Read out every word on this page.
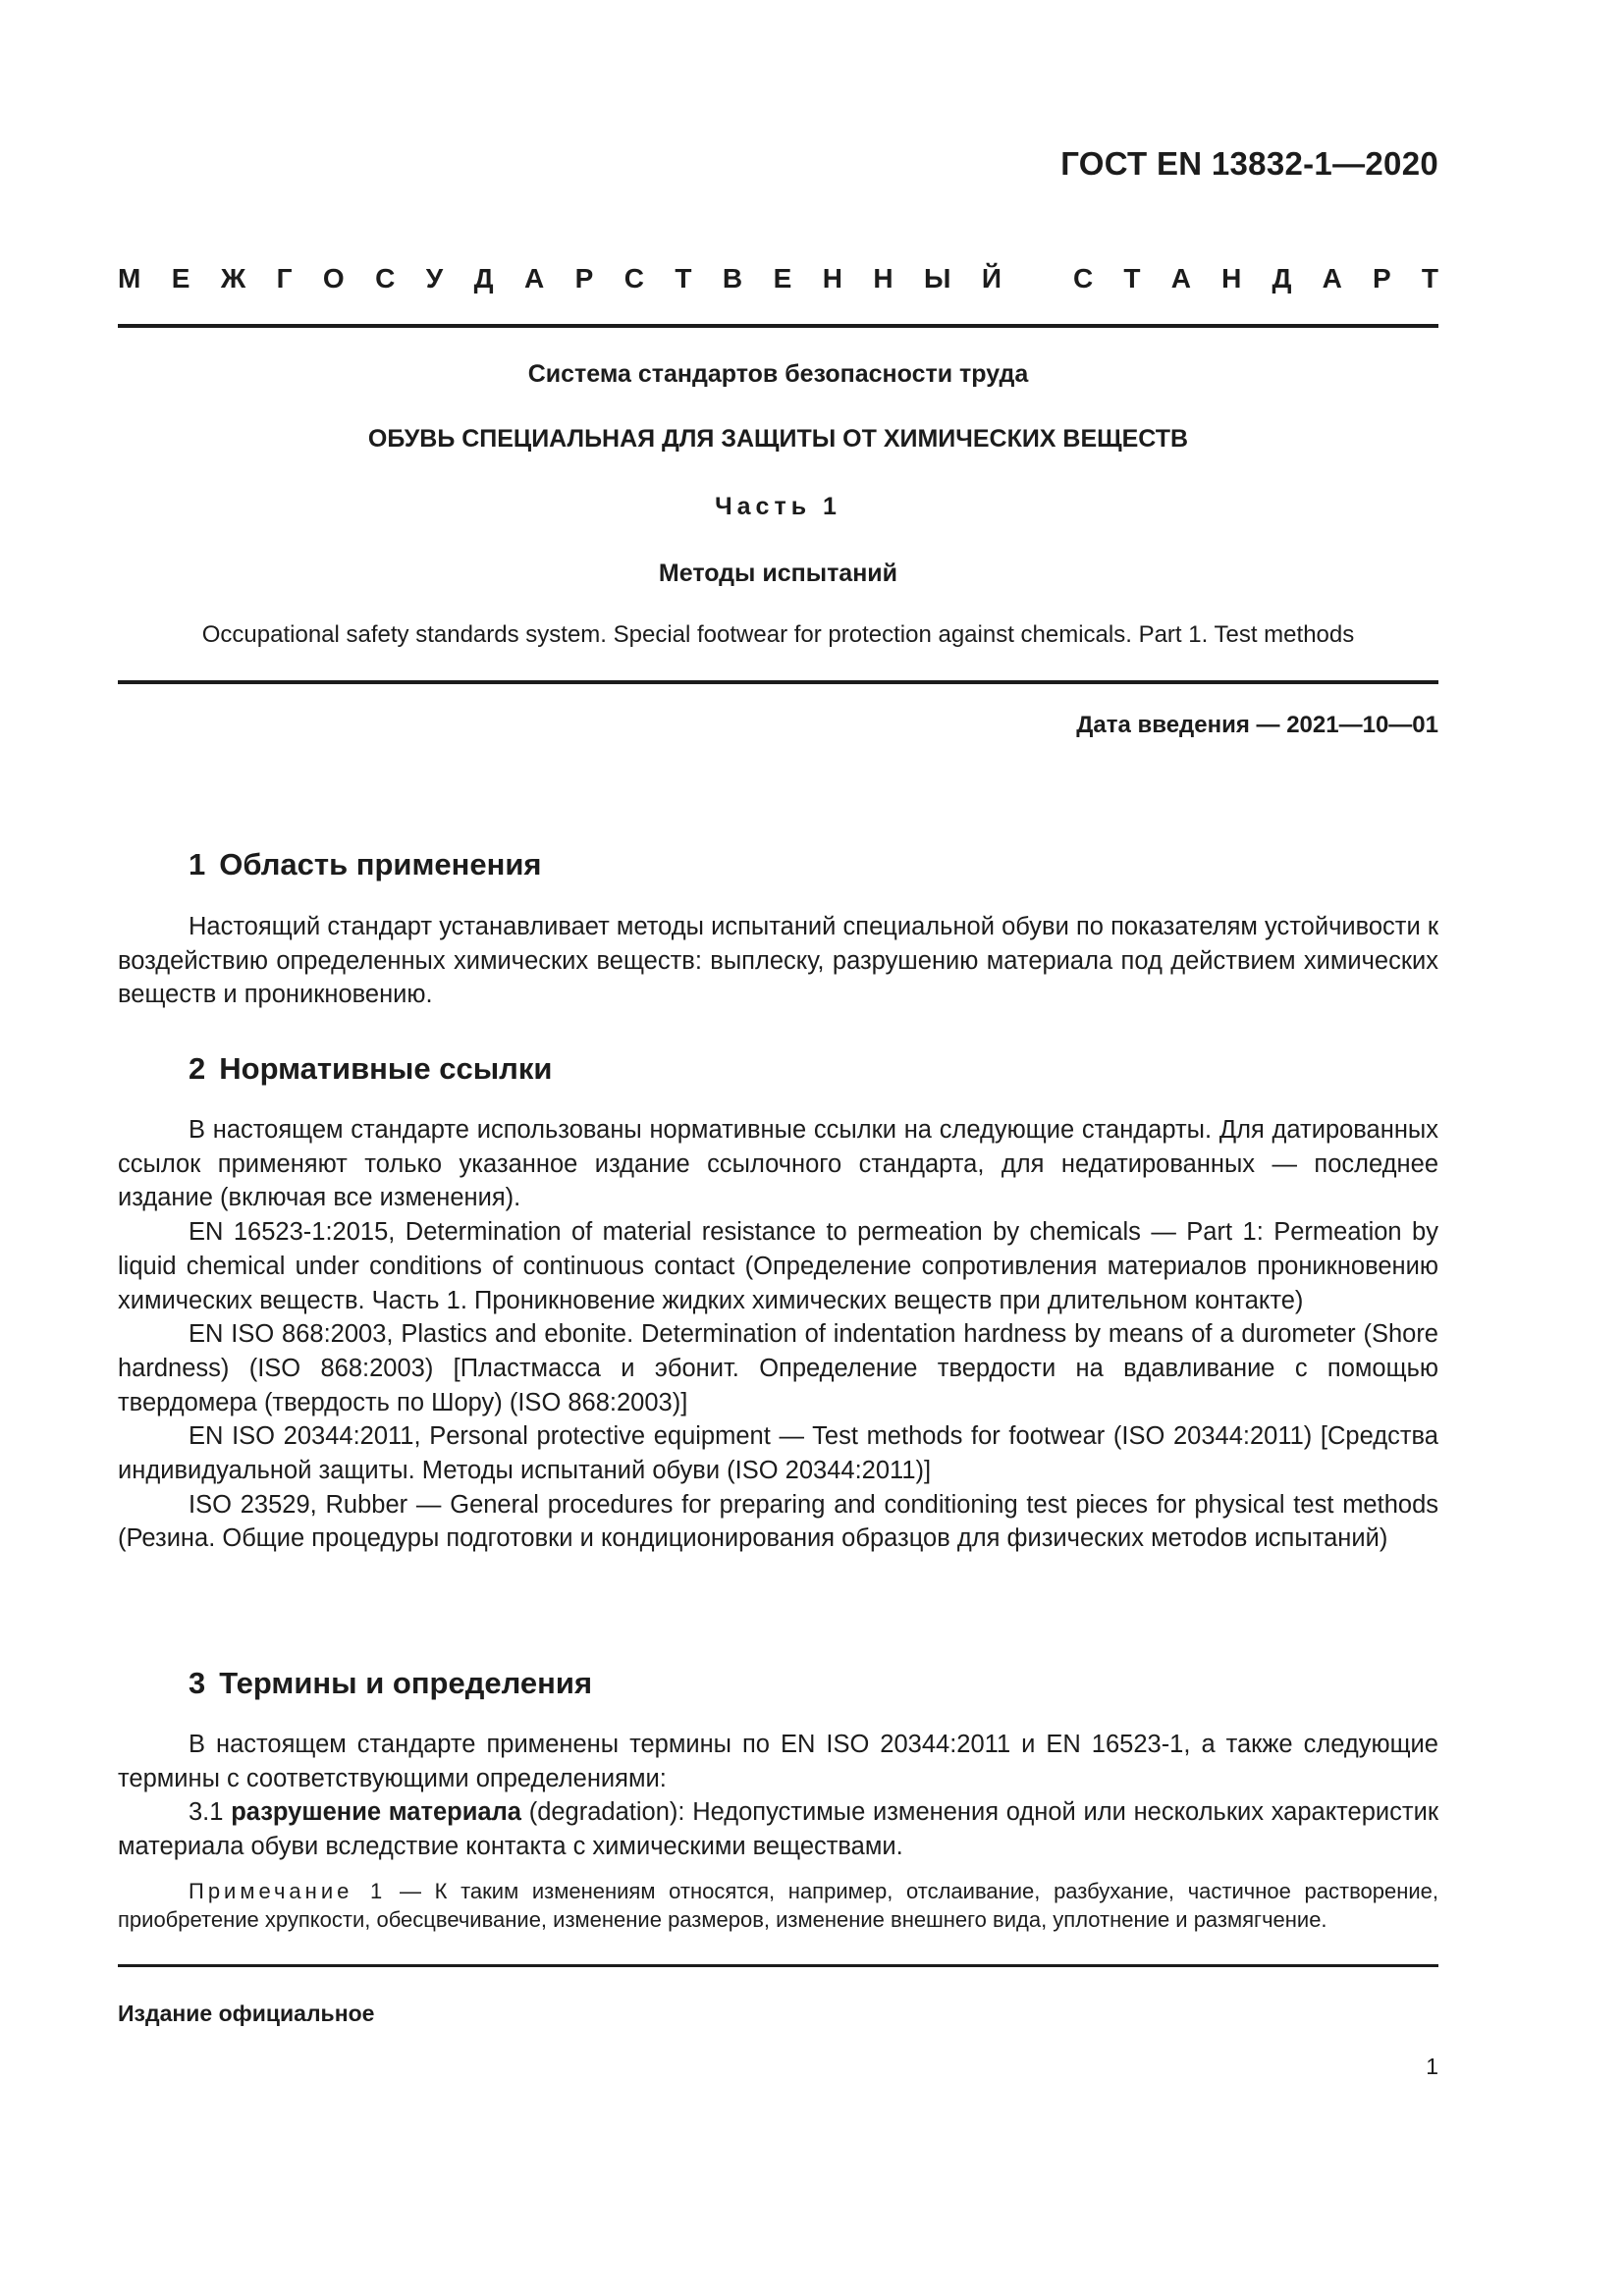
ГОСТ EN 13832-1—2020
М Е Ж Г О С У Д А Р С Т В Е Н Н Ы Й	С Т А Н Д А Р Т
Система стандартов безопасности труда
ОБУВЬ СПЕЦИАЛЬНАЯ ДЛЯ ЗАЩИТЫ ОТ ХИМИЧЕСКИХ ВЕЩЕСТВ
Часть 1
Методы испытаний
Occupational safety standards system. Special footwear for protection against chemicals. Part 1. Test methods
Дата введения — 2021—10—01
1 Область применения

Настоящий стандарт устанавливает методы испытаний специальной обуви по показателям устойчивости к воздействию определенных химических веществ: выплеску, разрушению материала под действием химических веществ и проникновению.

2 Нормативные ссылки

В настоящем стандарте использованы нормативные ссылки на следующие стандарты. Для датированных ссылок применяют только указанное издание ссылочного стандарта, для недатированных — последнее издание (включая все изменения).

EN 16523-1:2015, Determination of material resistance to permeation by chemicals — Part 1: Permeation by liquid chemical under conditions of continuous contact (Определение сопротивления материалов проникновению химических веществ. Часть 1. Проникновение жидких химических веществ при длительном контакте)

EN ISO 868:2003, Plastics and ebonite. Determination of indentation hardness by means of a durometer (Shore hardness) (ISO 868:2003) [Пластмасса и эбонит. Определение твердости на вдавливание с помощью твердомера (твердость по Шору) (ISO 868:2003)]

EN ISO 20344:2011, Personal protective equipment — Test methods for footwear (ISO 20344:2011) [Средства индивидуальной защиты. Методы испытаний обуви (ISO 20344:2011)]

ISO 23529, Rubber — General procedures for preparing and conditioning test pieces for physical test methods (Резина. Общие процедуры подготовки и кондиционирования образцов для физических метоdов испытаний)

3 Термины и определения

В настоящем стандарте применены термины по EN ISO 20344:2011 и EN 16523-1, а также следующие термины с соответствующими определениями:

3.1 разрушение материала (degradation): Недопустимые изменения одной или нескольких характеристик материала обуви вследствие контакта с химическими веществами.

Примечание 1 — К таким изменениям относятся, например, отслаивание, разбухание, частичное растворение, приобретение хрупкости, обесцвечивание, изменение размеров, изменение внешнего вида, уплотнение и размягчение.

Издание официальное
1
